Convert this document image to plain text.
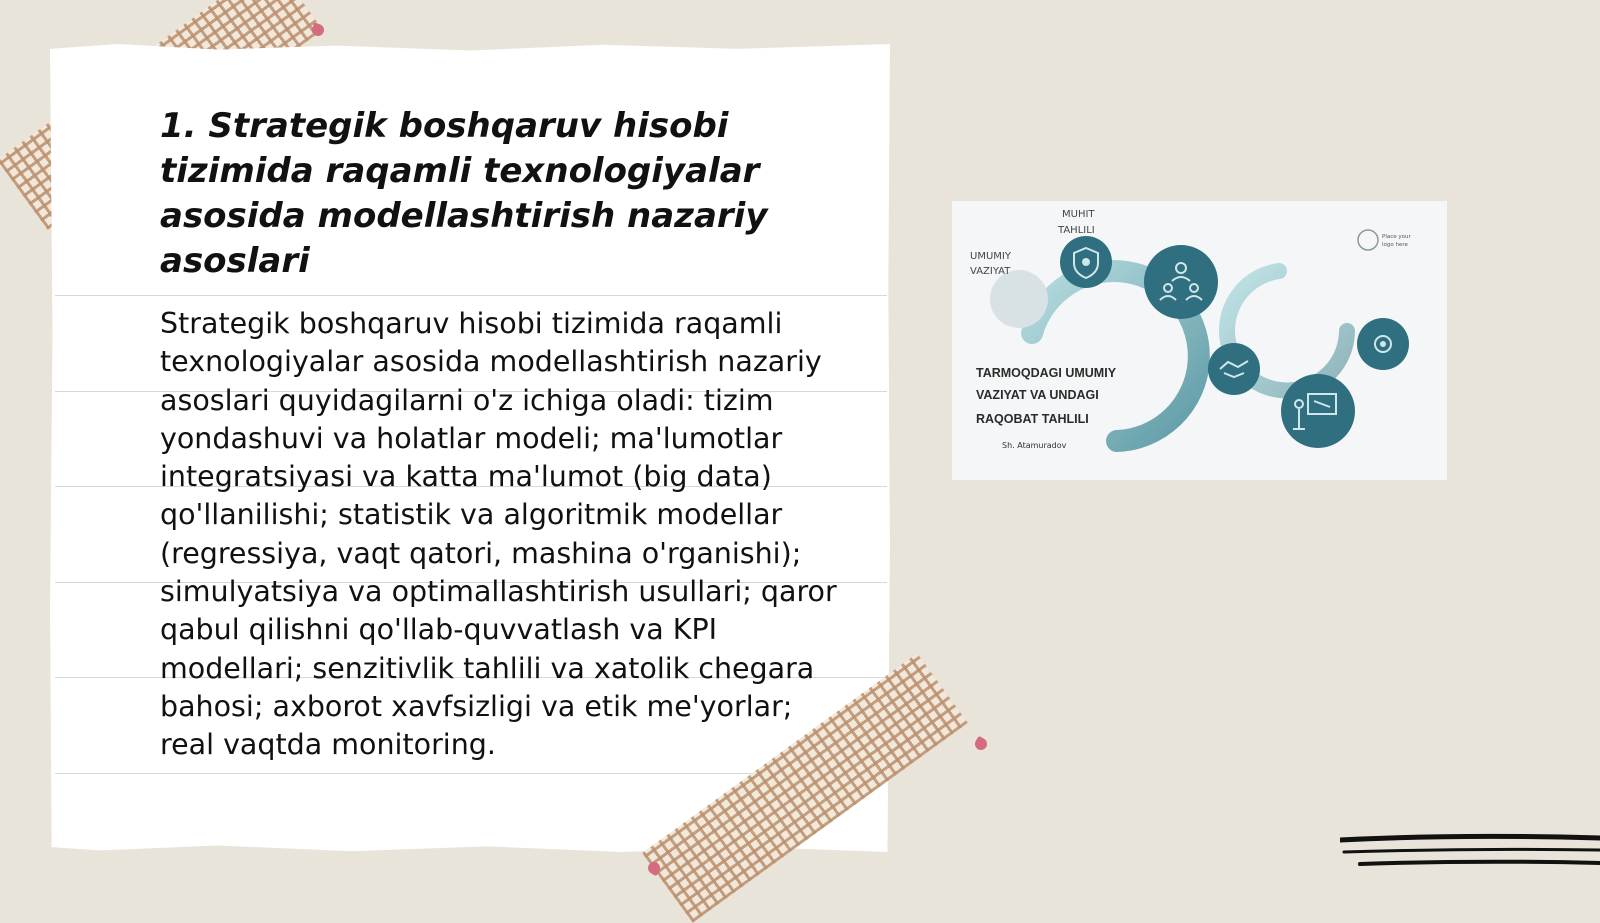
1. Strategik boshqaruv hisobi tizimida raqamli texnologiyalar asosida modellashtirish nazariy asoslari

Strategik boshqaruv hisobi tizimida raqamli texnologiyalar asosida modellashtirish nazariy asoslari quyidagilarni o'z ichiga oladi: tizim yondashuvi va holatlar modeli; ma'lumotlar integratsiyasi va katta ma'lumot (big data) qo'llanilishi; statistik va algoritmik modellar (regressiya, vaqt qatori, mashina o'rganishi); simulyatsiya va optimallashtirish usullari; qaror qabul qilishni qo'llab-quvvatlash va KPI modellari; senzitivlik tahlili va xatolik chegara bahosi; axborot xavfsizligi va etik me'yorlar; real vaqtda monitoring.

Place your
logo here
UMUMIY
VAZIYAT
MUHIT
TAHLILI
TARMOQDAGI UMUMIY
VAZIYAT VA UNDAGI
RAQOBAT TAHLILI
Sh. Atamuradov
